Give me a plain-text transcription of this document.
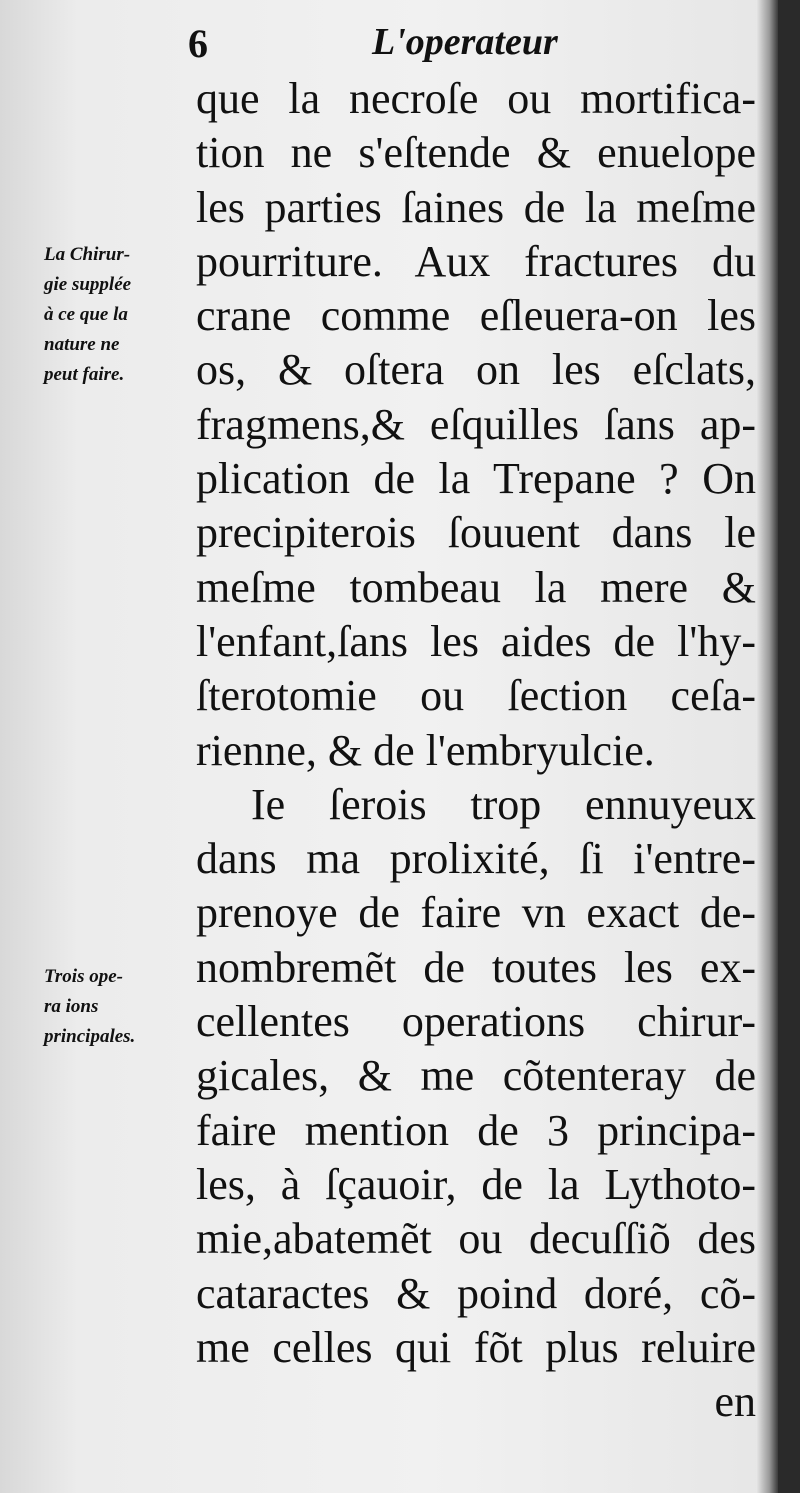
6	L'operateur
La Chirur-
gie supplée
à ce que la
nature ne
peut faire.
Trois ope-
ra ions
principales.
que la necroſe ou mortifica-
tion ne s'eſtende & enuelope
les parties ſaines de la meſme
pourriture. Aux fractures du
crane comme eſleuera-on les
os, & oſtera on les eſclats,
fragmens,& eſquilles ſans ap-
plication de la Trepane ? On
precipiterois ſouuent dans le
meſme tombeau la mere &
l'enfant,ſans les aides de l'hy-
ſterotomie ou ſection ceſa-
rienne, & de l'embryulcie.
Ie ſerois trop ennuyeux
dans ma prolixité, ſi i'entre-
prenoye de faire vn exact de-
nombremẽt de toutes les ex-
cellentes operations chirur-
gicales, & me cõtenteray de
faire mention de 3 principa-
les, à ſçauoir, de la Lythoto-
mie,abatemẽt ou decuſſiõ des
cataractes & poind doré, cõ-
me celles qui fõt plus reluire
en
